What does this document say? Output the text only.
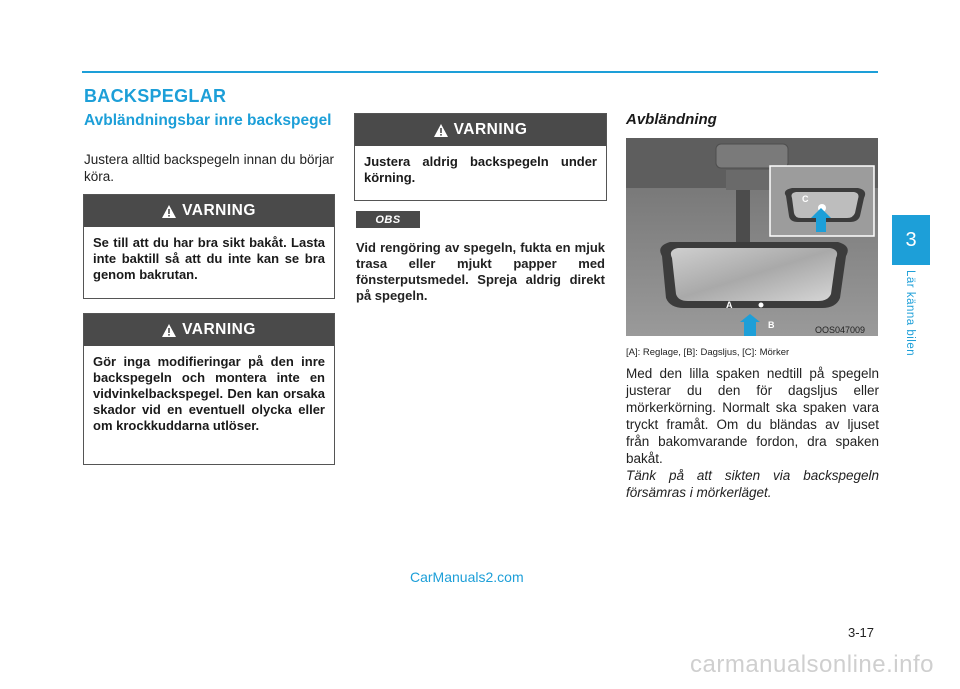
BACKSPEGLAR
Avbländningsbar inre backspegel
Justera alltid backspegeln innan du börjar köra.
VARNING
Se till att du har bra sikt bakåt. Lasta inte baktill så att du inte kan se bra genom bakrutan.
VARNING
Gör inga modifieringar på den inre backspegeln och montera inte en vidvinkelbackspegel. Den kan orsaka skador vid en eventuell olycka eller om krockkuddarna utlöser.
VARNING
Justera aldrig backspegeln under körning.
OBS
Vid rengöring av spegeln, fukta en mjuk trasa eller mjukt papper med fönsterputsmedel. Spreja aldrig direkt på spegeln.
Avbländning
C
A
B	OOS047009
[A]: Reglage, [B]: Dagsljus, [C]: Mörker
Med den lilla spaken nedtill på spegeln justerar du den för dagsljus eller mörkerkörning. Normalt ska spaken vara tryckt framåt. Om du bländas av ljuset från bakomvarande fordon, dra spaken bakåt.
Tänk på att sikten via backspegeln försämras i mörkerläget.
3
Lär känna bilen
CarManuals2.com
3-17
carmanualsonline.info
